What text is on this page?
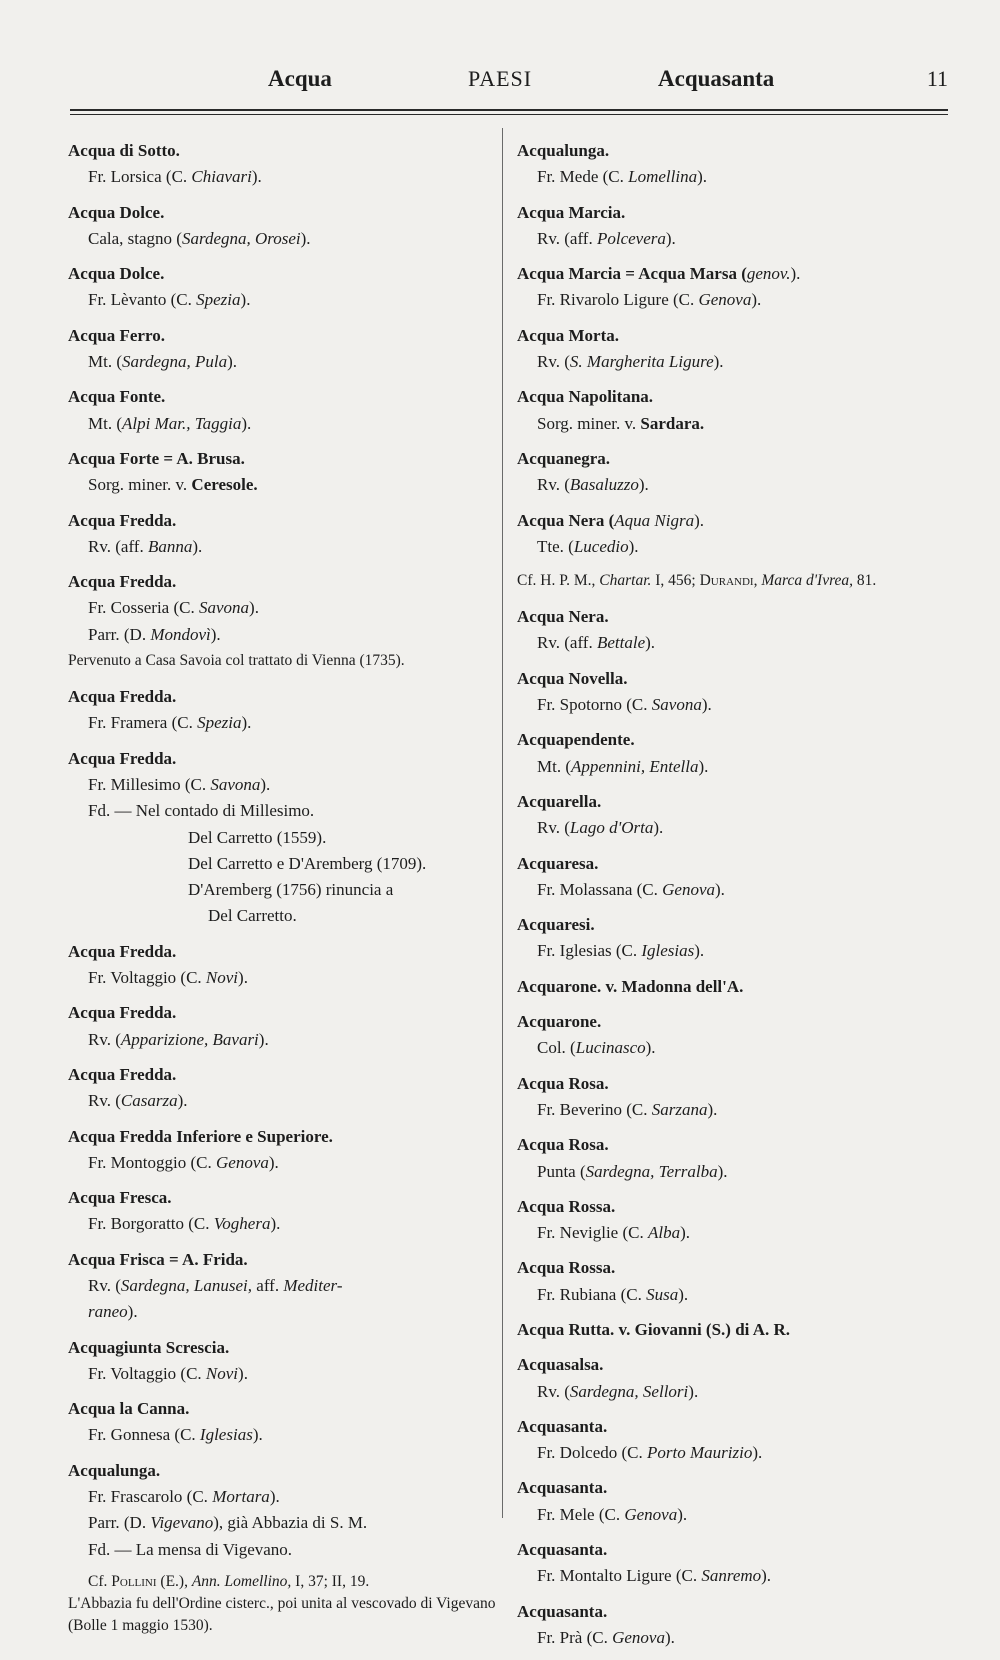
Acqua	PAESI	Acquasanta	11
Acqua di Sotto.
Fr. Lorsica (C. Chiavari).
Acqua Dolce.
Cala, stagno (Sardegna, Orosei).
Acqua Dolce.
Fr. Lèvanto (C. Spezia).
Acqua Ferro.
Mt. (Sardegna, Pula).
Acqua Fonte.
Mt. (Alpi Mar., Taggia).
Acqua Forte = A. Brusa.
Sorg. miner. v. Ceresole.
Acqua Fredda.
Rv. (aff. Banna).
Acqua Fredda.
Fr. Cosseria (C. Savona).
Parr. (D. Mondovì).
Pervenuto a Casa Savoia col trattato di Vienna (1735).
Acqua Fredda.
Fr. Framera (C. Spezia).
Acqua Fredda.
Fr. Millesimo (C. Savona).
Fd. — Nel contado di Millesimo.
Del Carretto (1559).
Del Carretto e D'Aremberg (1709).
D'Aremberg (1756) rinuncia a
Del Carretto.
Acqua Fredda.
Fr. Voltaggio (C. Novi).
Acqua Fredda.
Rv. (Apparizione, Bavari).
Acqua Fredda.
Rv. (Casarza).
Acqua Fredda Inferiore e Superiore.
Fr. Montoggio (C. Genova).
Acqua Fresca.
Fr. Borgoratto (C. Voghera).
Acqua Frisca = A. Frida.
Rv. (Sardegna, Lanusei, aff. Mediter-
raneo).
Acquagiunta Screscia.
Fr. Voltaggio (C. Novi).
Acqua la Canna.
Fr. Gonnesa (C. Iglesias).
Acqualunga.
Fr. Frascarolo (C. Mortara).
Parr. (D. Vigevano), già Abbazia di S. M.
Fd. — La mensa di Vigevano.
Cf. Pollini (E.), Ann. Lomellino, I, 37; II, 19.
L'Abbazia fu dell'Ordine cisterc., poi unita al vescovado di Vigevano (Bolle 1 maggio 1530).
Acqualunga.
Fr. Mede (C. Lomellina).
Acqua Marcia.
Rv. (aff. Polcevera).
Acqua Marcia = Acqua Marsa (genov.).
Fr. Rivarolo Ligure (C. Genova).
Acqua Morta.
Rv. (S. Margherita Ligure).
Acqua Napolitana.
Sorg. miner. v. Sardara.
Acquanegra.
Rv. (Basaluzzo).
Acqua Nera (Aqua Nigra).
Tte. (Lucedio).
Cf. H. P. M., Chartar. I, 456; Durandi, Marca d'Ivrea, 81.
Acqua Nera.
Rv. (aff. Bettale).
Acqua Novella.
Fr. Spotorno (C. Savona).
Acquapendente.
Mt. (Appennini, Entella).
Acquarella.
Rv. (Lago d'Orta).
Acquaresa.
Fr. Molassana (C. Genova).
Acquaresi.
Fr. Iglesias (C. Iglesias).
Acquarone. v. Madonna dell'A.
Acquarone.
Col. (Lucinasco).
Acqua Rosa.
Fr. Beverino (C. Sarzana).
Acqua Rosa.
Punta (Sardegna, Terralba).
Acqua Rossa.
Fr. Neviglie (C. Alba).
Acqua Rossa.
Fr. Rubiana (C. Susa).
Acqua Rutta. v. Giovanni (S.) di A. R.
Acquasalsa.
Rv. (Sardegna, Sellori).
Acquasanta.
Fr. Dolcedo (C. Porto Maurizio).
Acquasanta.
Fr. Mele (C. Genova).
Acquasanta.
Fr. Montalto Ligure (C. Sanremo).
Acquasanta.
Fr. Prà (C. Genova).
